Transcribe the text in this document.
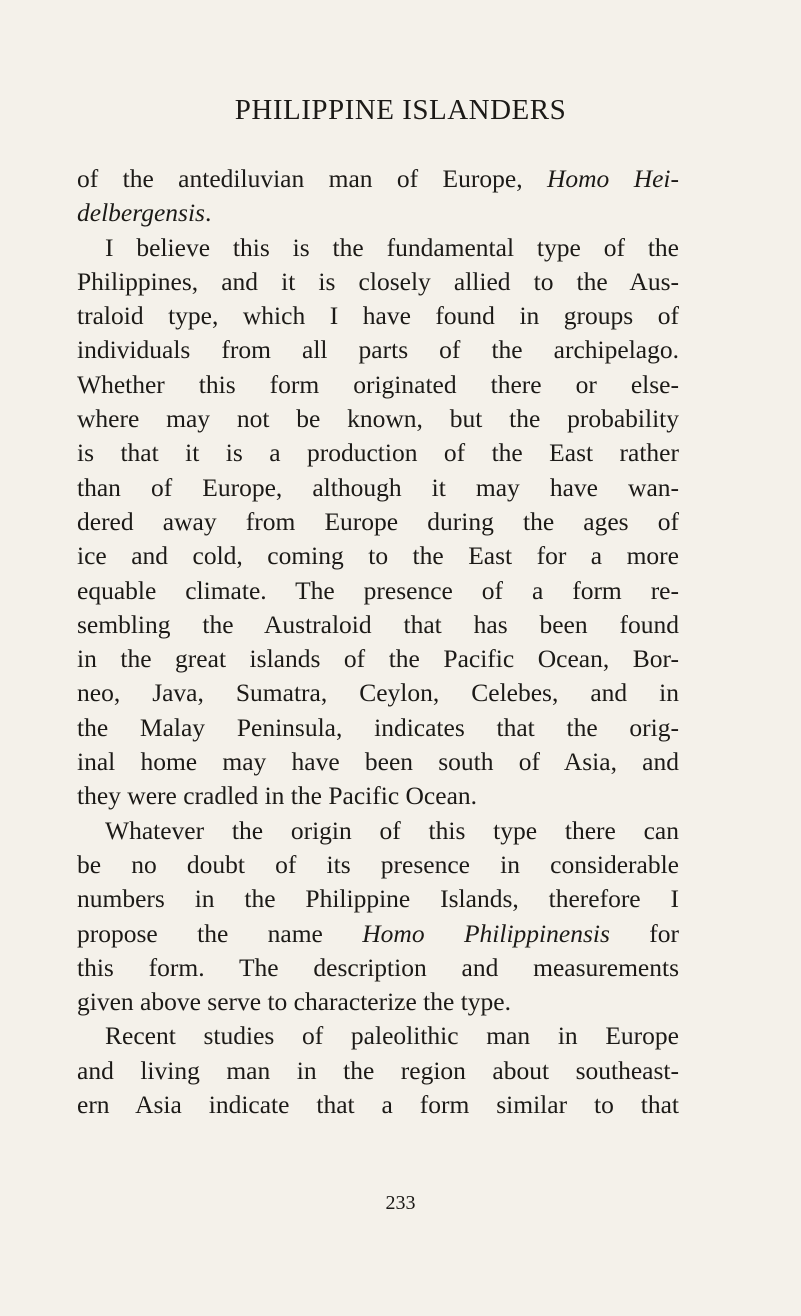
PHILIPPINE ISLANDERS
of the antediluvian man of Europe, Homo Hei-
delbergensis.
I believe this is the fundamental type of the
Philippines, and it is closely allied to the Aus-
traloid type, which I have found in groups of
individuals from all parts of the archipelago.
Whether this form originated there or else-
where may not be known, but the probability
is that it is a production of the East rather
than of Europe, although it may have wan-
dered away from Europe during the ages of
ice and cold, coming to the East for a more
equable climate. The presence of a form re-
sembling the Australoid that has been found
in the great islands of the Pacific Ocean, Bor-
neo, Java, Sumatra, Ceylon, Celebes, and in
the Malay Peninsula, indicates that the orig-
inal home may have been south of Asia, and
they were cradled in the Pacific Ocean.
Whatever the origin of this type there can
be no doubt of its presence in considerable
numbers in the Philippine Islands, therefore I
propose the name Homo Philippinensis for
this form. The description and measurements
given above serve to characterize the type.
Recent studies of paleolithic man in Europe
and living man in the region about southeast-
ern Asia indicate that a form similar to that
233
